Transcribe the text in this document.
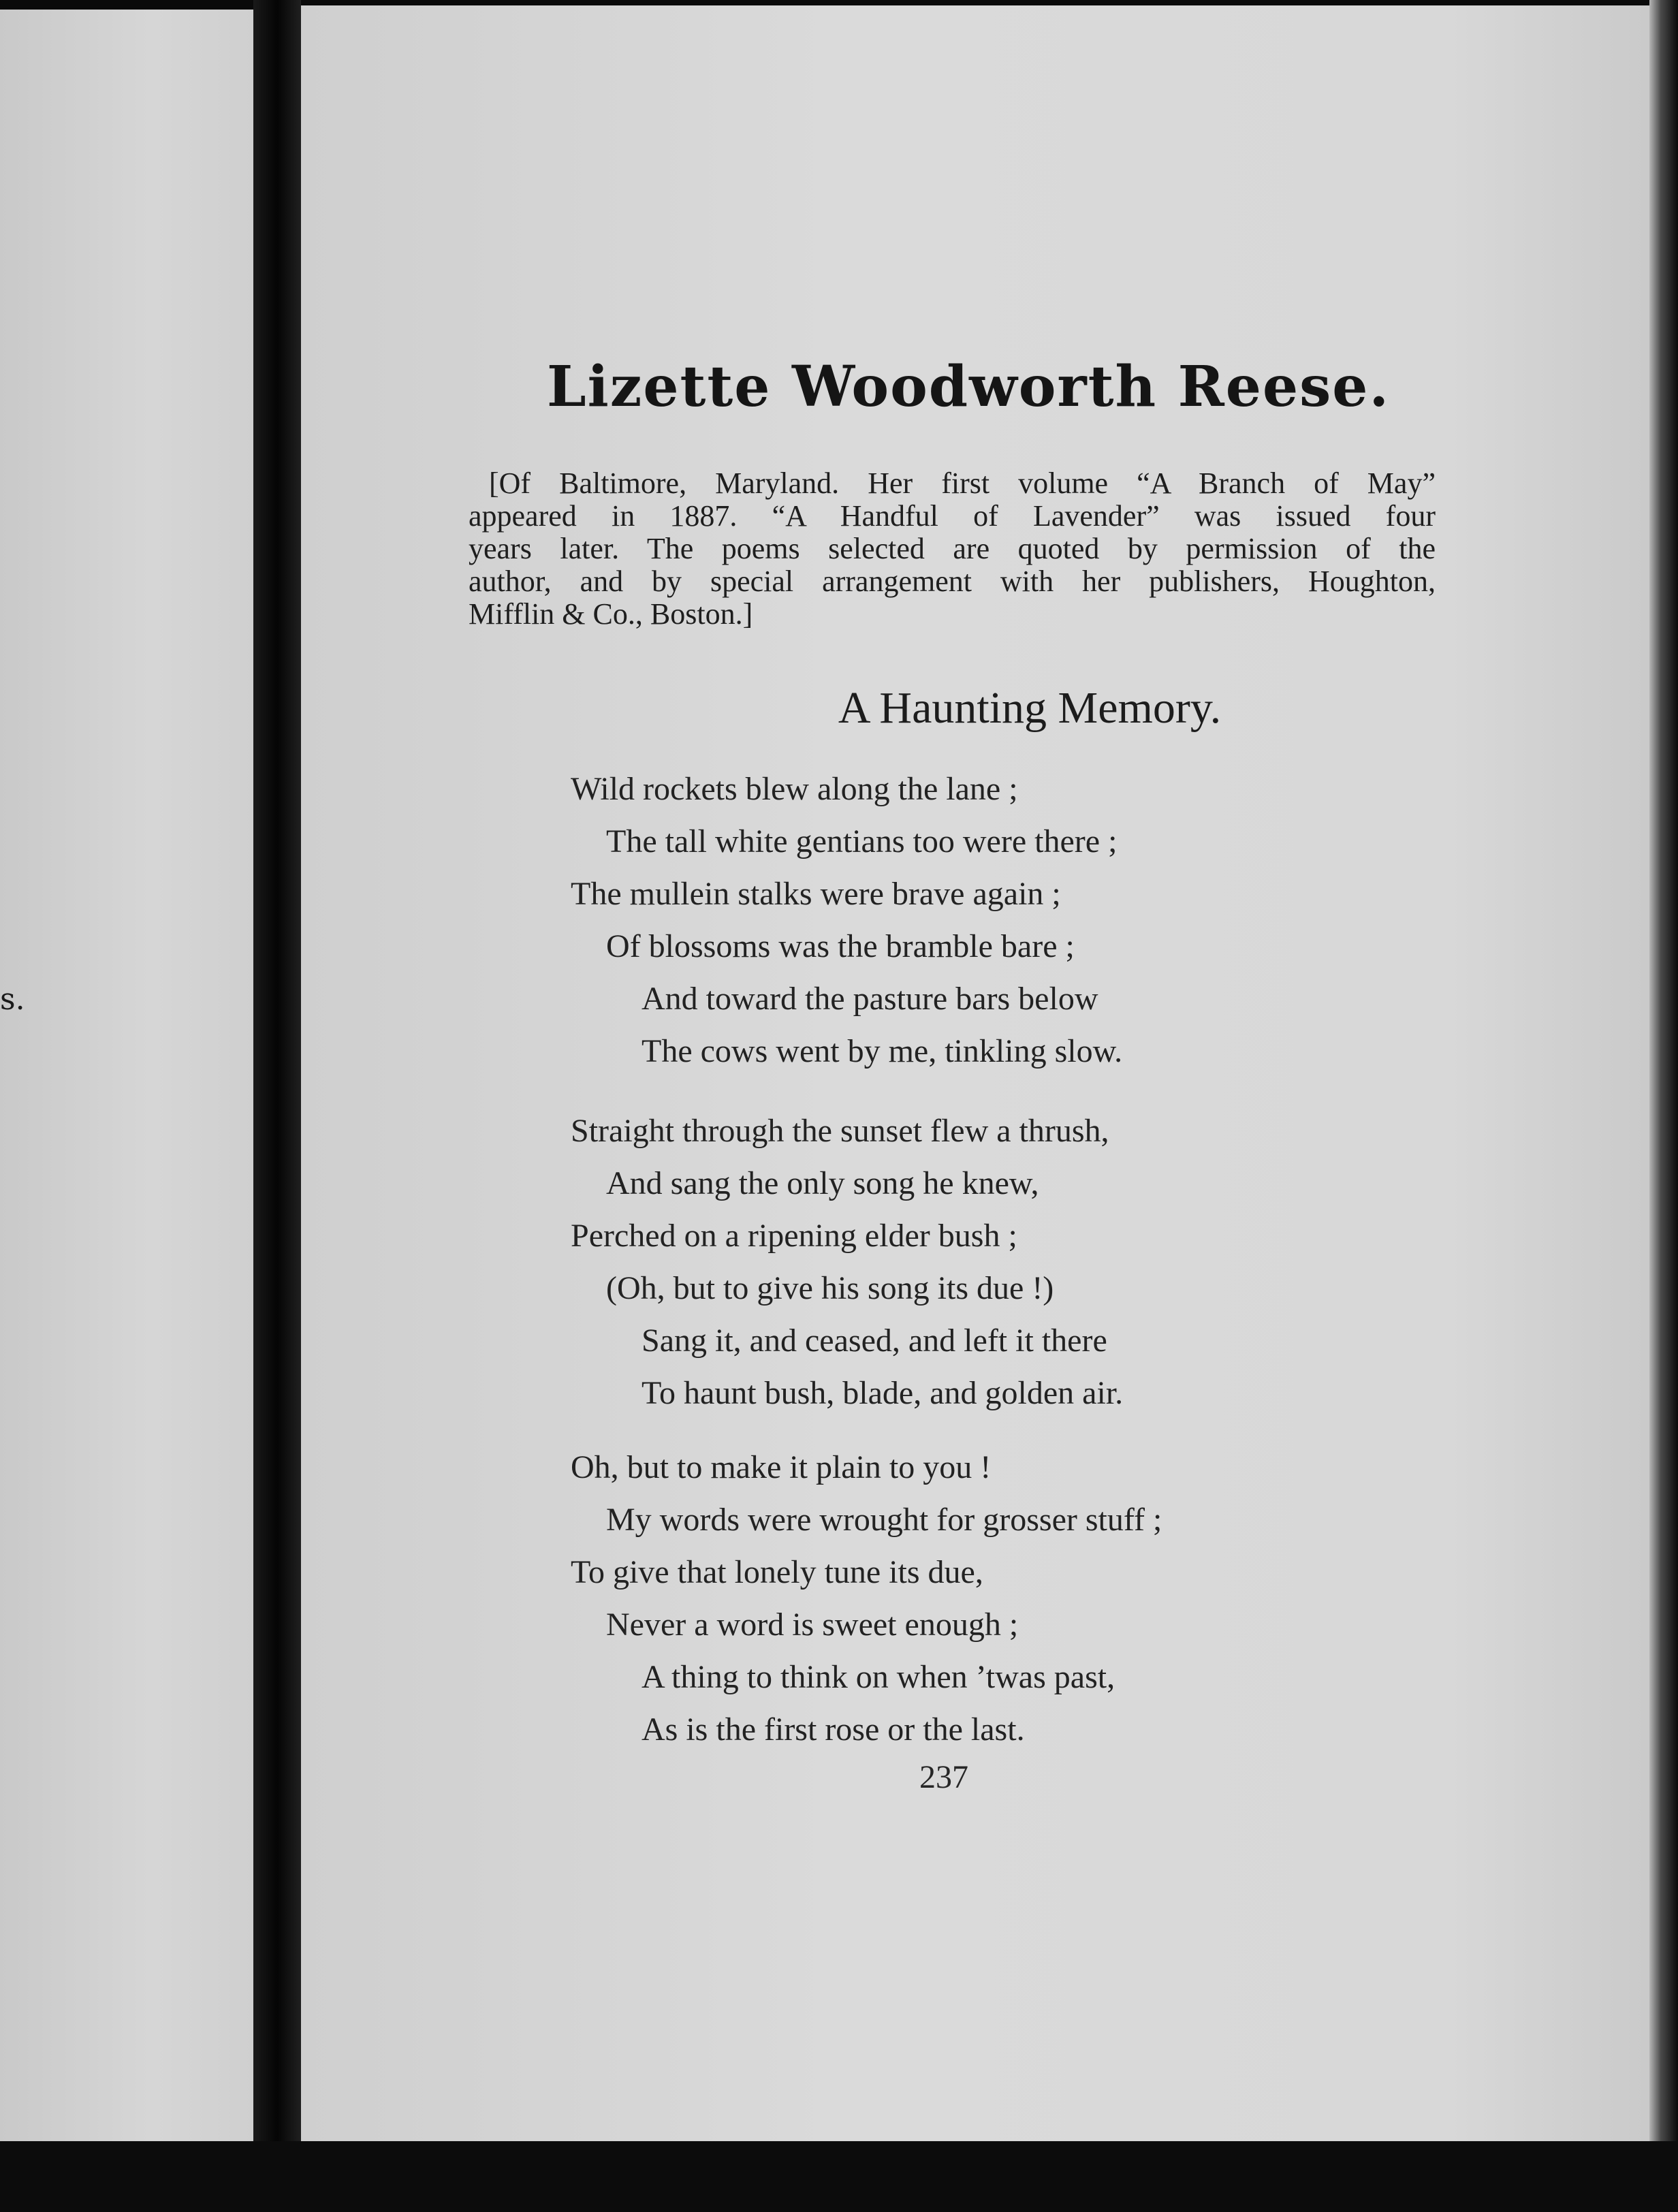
s.
Lizette Woodworth Reese.
[Of Baltimore, Maryland. Her first volume “A Branch of May”
appeared in 1887. “A Handful of Lavender” was issued four
years later. The poems selected are quoted by permission of the
author, and by special arrangement with her publishers, Houghton,
Mifflin & Co., Boston.]
A Haunting Memory.
Wild rockets blew along the lane ;
The tall white gentians too were there ;
The mullein stalks were brave again ;
Of blossoms was the bramble bare ;
And toward the pasture bars below
The cows went by me, tinkling slow.
Straight through the sunset flew a thrush,
And sang the only song he knew,
Perched on a ripening elder bush ;
(Oh, but to give his song its due !)
Sang it, and ceased, and left it there
To haunt bush, blade, and golden air.
Oh, but to make it plain to you !
My words were wrought for grosser stuff ;
To give that lonely tune its due,
Never a word is sweet enough ;
A thing to think on when ’twas past,
As is the first rose or the last.
237
